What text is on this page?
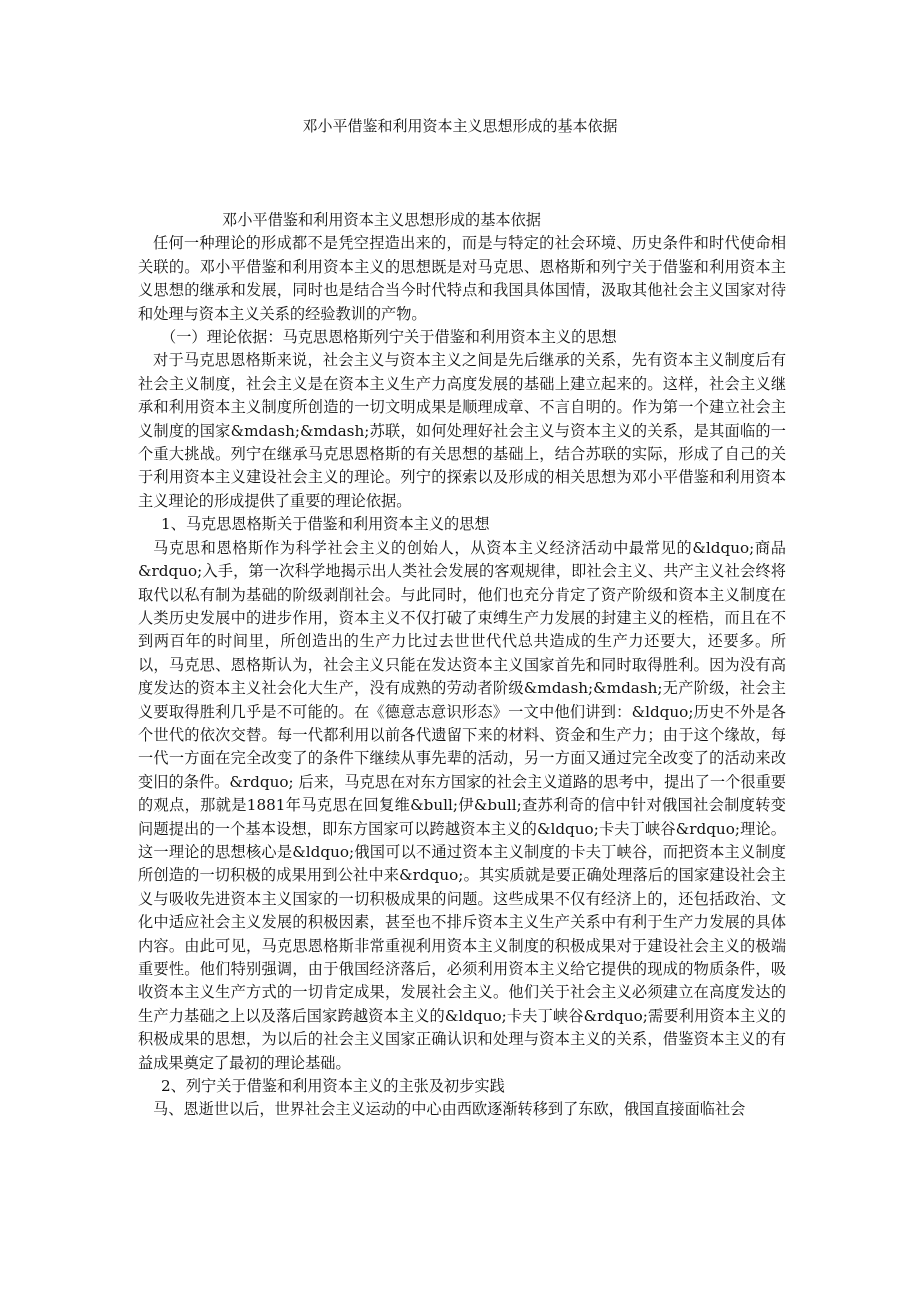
邓小平借鉴和利用资本主义思想形成的基本依据

邓小平借鉴和利用资本主义思想形成的基本依据

任何一种理论的形成都不是凭空捏造出来的，而是与特定的社会环境、历史条件和时代使命相关联的。邓小平借鉴和利用资本主义的思想既是对马克思、恩格斯和列宁关于借鉴和利用资本主义思想的继承和发展，同时也是结合当今时代特点和我国具体国情，汲取其他社会主义国家对待和处理与资本主义关系的经验教训的产物。

（一）理论依据：马克思恩格斯列宁关于借鉴和利用资本主义的思想

对于马克思恩格斯来说，社会主义与资本主义之间是先后继承的关系，先有资本主义制度后有社会主义制度，社会主义是在资本主义生产力高度发展的基础上建立起来的。这样，社会主义继承和利用资本主义制度所创造的一切文明成果是顺理成章、不言自明的。作为第一个建立社会主义制度的国家&mdash;&mdash;苏联，如何处理好社会主义与资本主义的关系，是其面临的一个重大挑战。列宁在继承马克思恩格斯的有关思想的基础上，结合苏联的实际，形成了自己的关于利用资本主义建设社会主义的理论。列宁的探索以及形成的相关思想为邓小平借鉴和利用资本主义理论的形成提供了重要的理论依据。

1、马克思恩格斯关于借鉴和利用资本主义的思想

马克思和恩格斯作为科学社会主义的创始人，从资本主义经济活动中最常见的&ldquo;商品&rdquo;入手，第一次科学地揭示出人类社会发展的客观规律，即社会主义、共产主义社会终将取代以私有制为基础的阶级剥削社会。与此同时，他们也充分肯定了资产阶级和资本主义制度在人类历史发展中的进步作用，资本主义不仅打破了束缚生产力发展的封建主义的桎梏，而且在不到两百年的时间里，所创造出的生产力比过去世世代代总共造成的生产力还要大，还要多。所以，马克思、恩格斯认为，社会主义只能在发达资本主义国家首先和同时取得胜利。因为没有高度发达的资本主义社会化大生产，没有成熟的劳动者阶级&mdash;&mdash;无产阶级，社会主义要取得胜利几乎是不可能的。在《德意志意识形态》一文中他们讲到：&ldquo;历史不外是各个世代的依次交替。每一代都利用以前各代遗留下来的材料、资金和生产力；由于这个缘故，每一代一方面在完全改变了的条件下继续从事先辈的活动，另一方面又通过完全改变了的活动来改变旧的条件。&rdquo; 后来，马克思在对东方国家的社会主义道路的思考中，提出了一个很重要的观点，那就是1881年马克思在回复维&bull;伊&bull;查苏利奇的信中针对俄国社会制度转变问题提出的一个基本设想，即东方国家可以跨越资本主义的&ldquo;卡夫丁峡谷&rdquo;理论。这一理论的思想核心是&ldquo;俄国可以不通过资本主义制度的卡夫丁峡谷，而把资本主义制度所创造的一切积极的成果用到公社中来&rdquo;。其实质就是要正确处理落后的国家建设社会主义与吸收先进资本主义国家的一切积极成果的问题。这些成果不仅有经济上的，还包括政治、文化中适应社会主义发展的积极因素，甚至也不排斥资本主义生产关系中有利于生产力发展的具体内容。由此可见，马克思恩格斯非常重视利用资本主义制度的积极成果对于建设社会主义的极端重要性。他们特别强调，由于俄国经济落后，必须利用资本主义给它提供的现成的物质条件，吸收资本主义生产方式的一切肯定成果，发展社会主义。他们关于社会主义必须建立在高度发达的生产力基础之上以及落后国家跨越资本主义的&ldquo;卡夫丁峡谷&rdquo;需要利用资本主义的积极成果的思想，为以后的社会主义国家正确认识和处理与资本主义的关系，借鉴资本主义的有益成果奠定了最初的理论基础。

2、列宁关于借鉴和利用资本主义的主张及初步实践

马、恩逝世以后，世界社会主义运动的中心由西欧逐渐转移到了东欧，俄国直接面临社会
